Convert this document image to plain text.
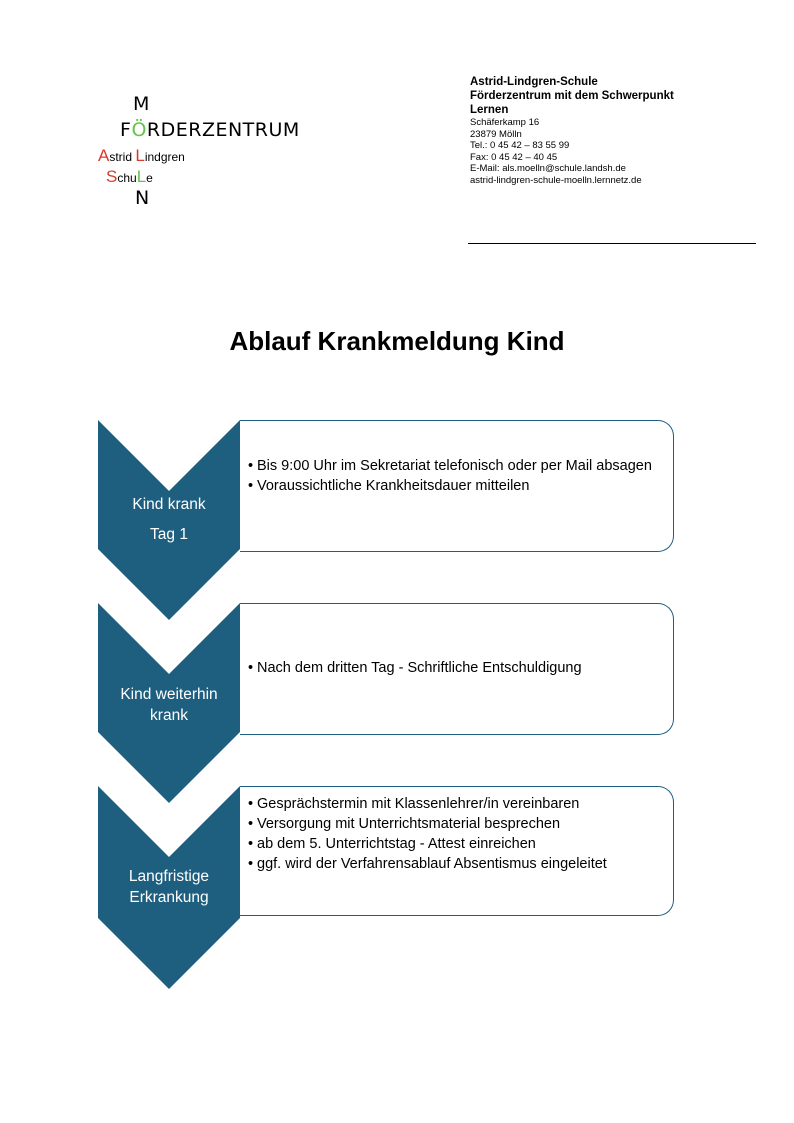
M
FÖRDERZENTRUM
Astrid Lindgren
SchuLe
N
Astrid-Lindgren-Schule
Förderzentrum mit dem Schwerpunkt
Lernen
Schäferkamp 16
23879 Mölln
Tel.: 0 45 42 – 83 55 99
Fax: 0 45 42 – 40 45
E-Mail: als.moelln@schule.landsh.de
astrid-lindgren-schule-moelln.lernnetz.de
Ablauf Krankmeldung Kind
Kind krank
Tag 1
• Bis 9:00 Uhr im Sekretariat telefonisch oder per Mail absagen
• Voraussichtliche Krankheitsdauer mitteilen
Kind weiterhin
krank
• Nach dem dritten Tag - Schriftliche Entschuldigung
Langfristige
Erkrankung
• Gesprächstermin mit Klassenlehrer/in vereinbaren
• Versorgung mit Unterrichtsmaterial besprechen
• ab dem 5. Unterrichtstag - Attest einreichen
• ggf. wird der Verfahrensablauf Absentismus eingeleitet
